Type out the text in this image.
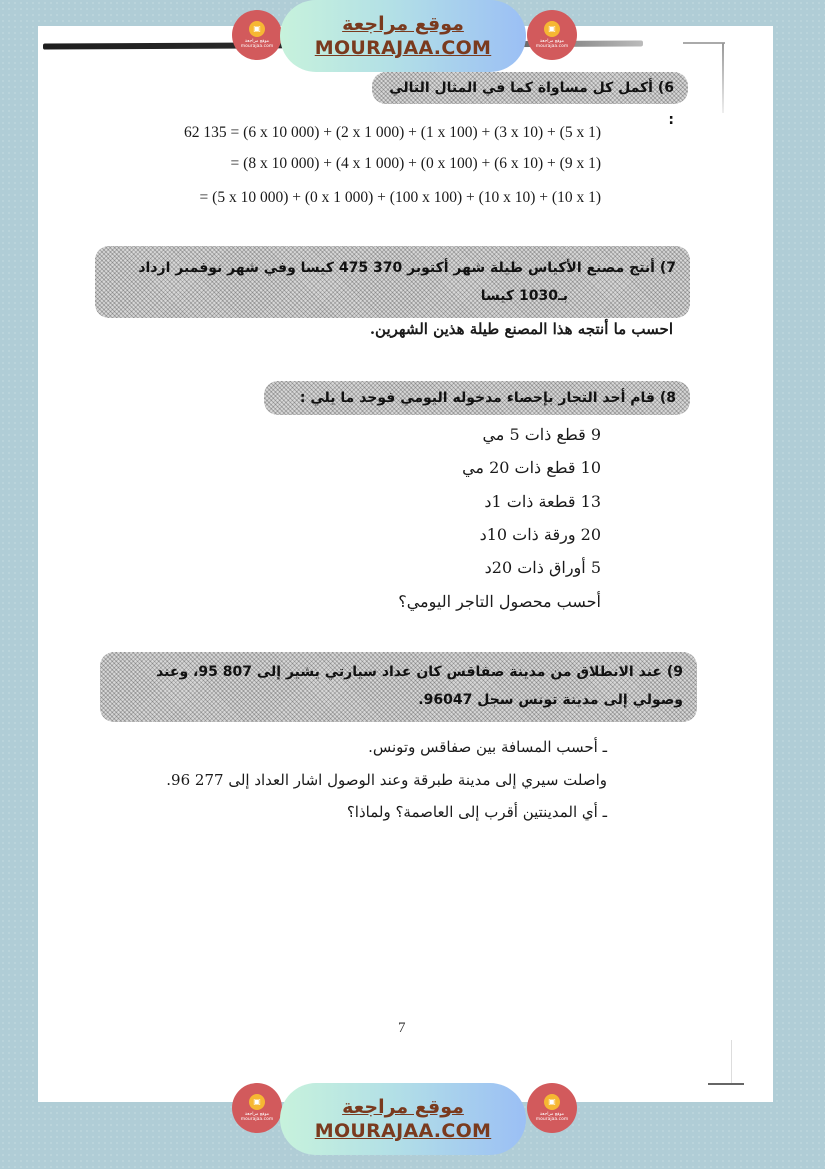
▣
موقع مراجعة mourajaa.com
موقع مراجعة
MOURAJAA.COM
▣
موقع مراجعة mourajaa.com
6) أكمل كل مساواة كما في المثال التالي :
62 135 = (6 x 10 000) + (2 x 1 000) + (1 x 100) + (3 x 10) + (5 x 1)
= (8 x 10 000) + (4 x 1 000) + (0 x 100) + (6 x 10) + (9 x 1)
= (5 x 10 000) + (0 x 1 000) + (100 x 100) + (10 x 10) + (10 x 1)
7) أنتج مصنع الأكياس طيلة شهر أكتوبر 370 475 كيسا وفي شهر نوفمبر ازداد
بـ1030 كيسا
احسب ما أنتجه هذا المصنع طيلة هذين الشهرين.
8) قام أحد التجار بإحصاء مدخوله اليومي فوجد ما يلي :
9 قطع ذات 5 مي
10 قطع ذات 20 مي
13 قطعة ذات 1د
20 ورقة ذات 10د
5 أوراق ذات 20د
أحسب محصول التاجر اليومي؟
9) عند الانطلاق من مدينة صفاقس كان عداد سيارتي يشير إلى 807 95، وعند
وصولي إلى مدينة تونس سجل 96047.
ـ أحسب المسافة بين صفاقس وتونس.
واصلت سيري إلى مدينة طبرقة وعند الوصول اشار العداد إلى 277 96.
ـ أي المدينتين أقرب إلى العاصمة؟ ولماذا؟
7
▣
موقع مراجعة mourajaa.com
موقع مراجعة
MOURAJAA.COM
▣
موقع مراجعة mourajaa.com
